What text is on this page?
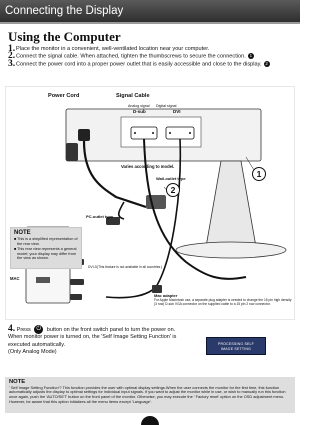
Connecting the Display
Using the Computer
1. Place the monitor in a convenient, well-ventilated location near your computer.
2. Connect the signal cable. When attached, tighten the thumbscrews to secure the connection. 1
3. Connect the power cord into a proper power outlet that is easily accessible and close to the display. 2
Power Cord	Signal Cable
Analog signal Digital signal
D-sub	DVI
Varies according to model.
Wall-outlet type
PC-outlet type
MAC
DVI-D(This feature is not available in all countries.)
Mac adapter
For Apple Macintosh use, a separate plug adapter is needed to change the 15 pin high density (3 row) D-sub VGA connector on the supplied cable to a 15 pin 2 row connector.
2
1
NOTE
■ This is a simplified representation of the rear view.
■ This rear view represents a general model; your display may differ from the view as shown.
4. Press ⏻ button on the front switch panel to turn the power on. When monitor power is turned on, the 'Self Image Setting Function' is executed automatically.
(Only Analog Mode)
PROCESSING SELF
IMAGE SETTING
NOTE
' Self Image Setting Function'? This function provides the user with optimal display settings.When the user connects the monitor for the first time, this function automatically adjusts the display to optimal settings for individual input signals. If you want to adjust the monitor while in use, or wish to manually run this function once again, push the 'AUTO/SET' button on the front panel of the monitor. Otherwise, you may execute the ' Factory reset' option on the OSD adjustment menu. However, be aware that this option initializes all the menu items except 'Language'.
